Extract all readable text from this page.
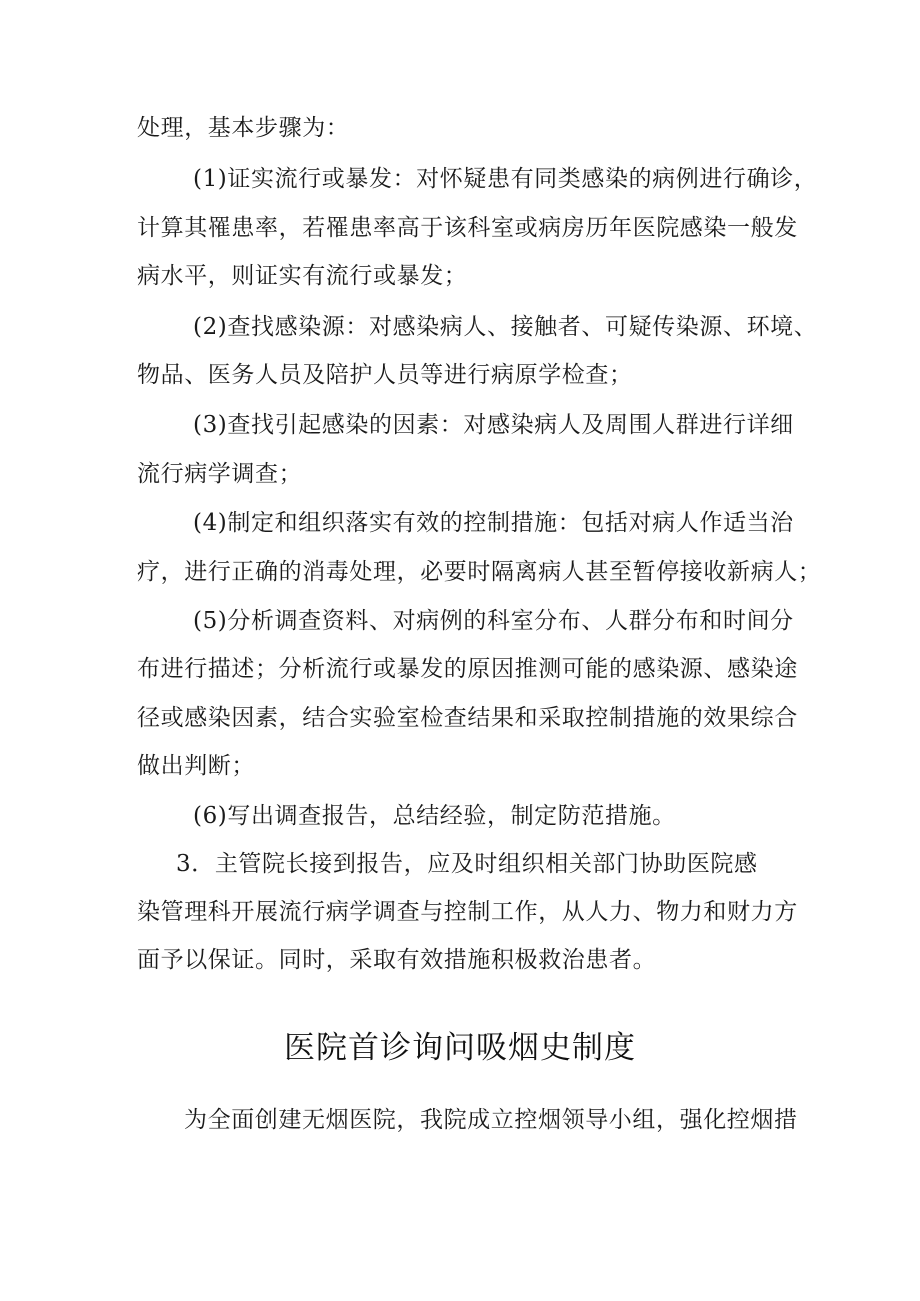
处理，基本步骤为：
(1)证实流行或暴发：对怀疑患有同类感染的病例进行确诊，
计算其罹患率，若罹患率高于该科室或病房历年医院感染一般发
病水平，则证实有流行或暴发；
(2)查找感染源：对感染病人、接触者、可疑传染源、环境、
物品、医务人员及陪护人员等进行病原学检查；
(3)查找引起感染的因素：对感染病人及周围人群进行详细
流行病学调查；
(4)制定和组织落实有效的控制措施：包括对病人作适当治
疗，进行正确的消毒处理，必要时隔离病人甚至暂停接收新病人；
(5)分析调查资料、对病例的科室分布、人群分布和时间分
布进行描述；分析流行或暴发的原因推测可能的感染源、感染途
径或感染因素，结合实验室检查结果和采取控制措施的效果综合
做出判断；
(6)写出调查报告，总结经验，制定防范措施。
3．主管院长接到报告，应及时组织相关部门协助医院感
染管理科开展流行病学调查与控制工作，从人力、物力和财力方
面予以保证。同时，采取有效措施积极救治患者。
医院首诊询问吸烟史制度
为全面创建无烟医院，我院成立控烟领导小组，强化控烟措
